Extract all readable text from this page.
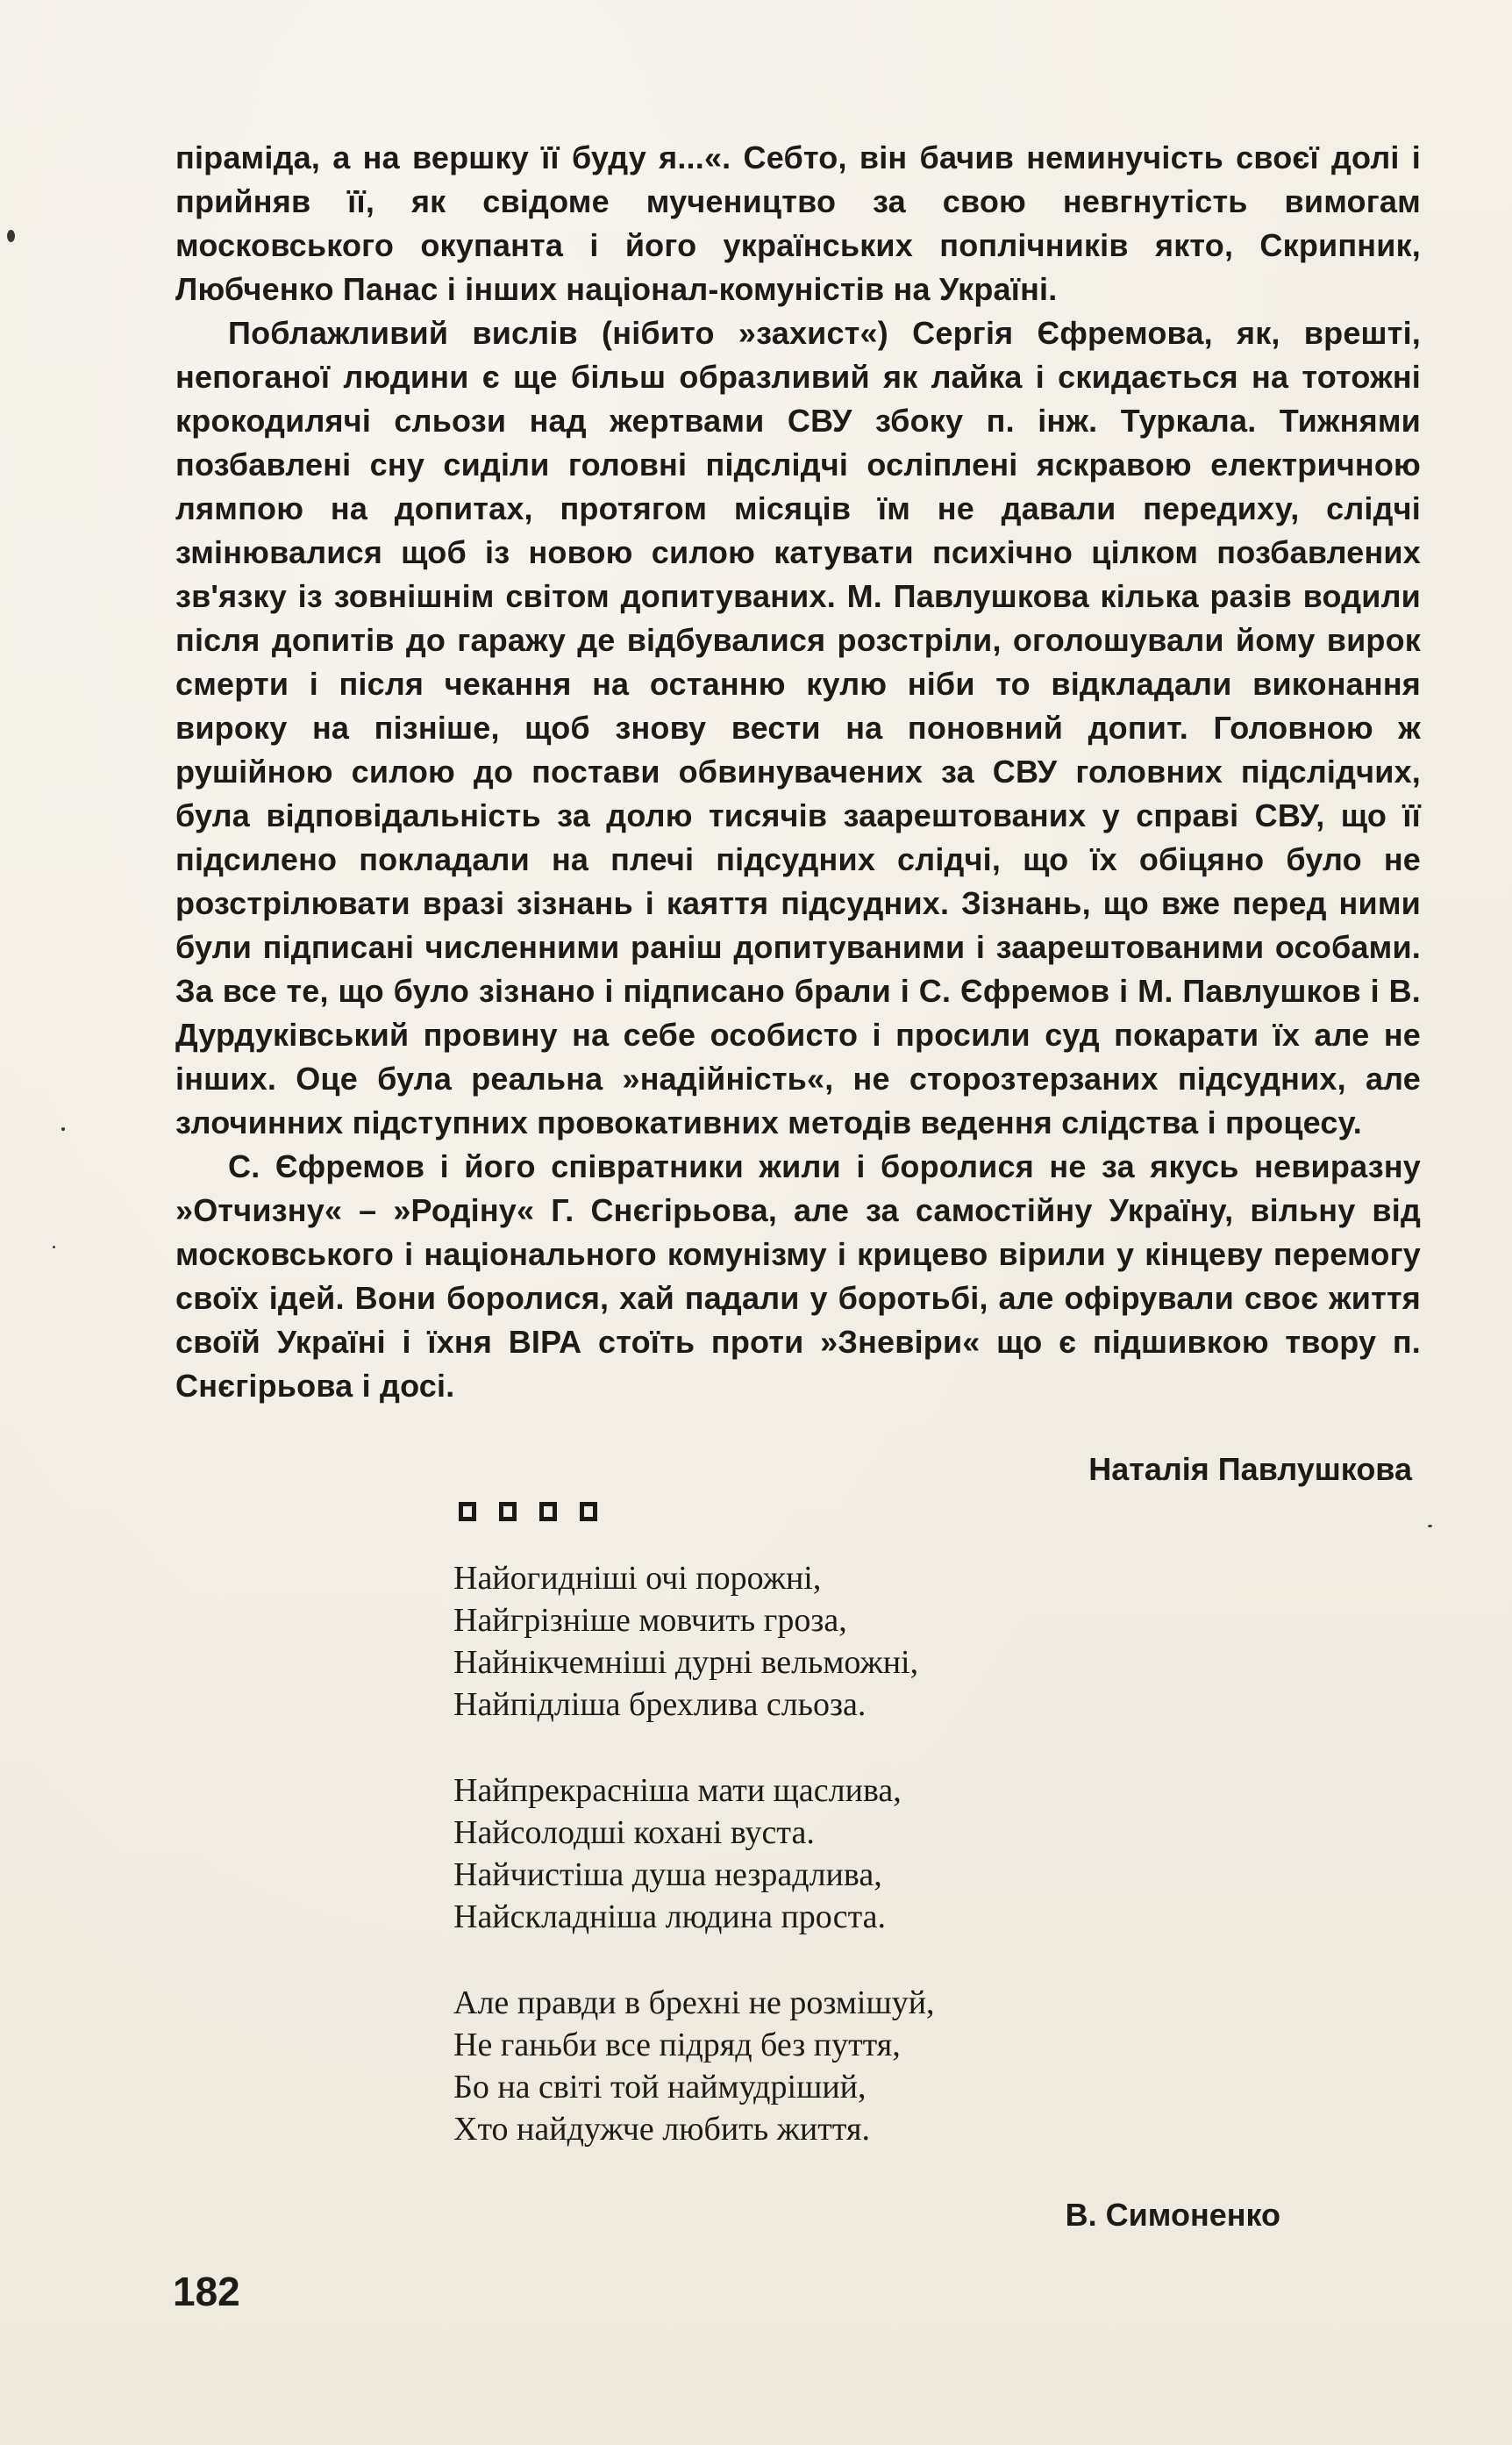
піраміда, а на вершку її буду я...«. Себто, він бачив неминучість своєї долі і прийняв її, як свідоме мучеництво за свою невгнутість вимогам московського окупанта і його українських поплічників якто, Скрипник, Любченко Панас і інших націонал-комуністів на Україні.

Поблажливий вислів (нібито »захист«) Сергія Єфремова, як, врешті, непоганої людини є ще більш образливий як лайка і скидається на тотожні крокодилячі сльози над жертвами СВУ збоку п. інж. Туркала. Тижнями позбавлені сну сиділи головні підслідчі осліплені яскравою електричною лямпою на допитах, протягом місяців їм не давали передиху, слідчі змінювалися щоб із новою силою катувати психічно цілком позбавлених зв'язку із зовнішнім світом допитуваних. М. Павлушкова кілька разів водили після допитів до гаражу де відбувалися розстріли, оголошували йому вирок смерти і після чекання на останню кулю ніби то відкладали виконання вироку на пізніше, щоб знову вести на поновний допит. Головною ж рушійною силою до постави обвинувачених за СВУ головних підслідчих, була відповідальність за долю тисячів заарештованих у справі СВУ, що її підсилено покладали на плечі підсудних слідчі, що їх обіцяно було не розстрілювати вразі зізнань і каяття підсудних. Зізнань, що вже перед ними були підписані численними раніш допитуваними і заарештованими особами. За все те, що було зізнано і підписано брали і С. Єфремов і М. Павлушков і В. Дурдуківський провину на себе особисто і просили суд покарати їх але не інших. Оце була реальна »надійність«, не сторозтерзаних підсудних, але злочинних підступних провокативних методів ведення слідства і процесу.

С. Єфремов і його співратники жили і боролися не за якусь невиразну »Отчизну« – »Родіну« Г. Снєгірьова, але за самостійну Україну, вільну від московського і національного комунізму і крицево вірили у кінцеву перемогу своїх ідей. Вони боролися, хай падали у боротьбі, але офірували своє життя своїй Україні і їхня ВІРА стоїть проти »Зневіри« що є підшивкою твору п. Снєгірьова і досі.

Наталія Павлушкова
Найогидніші очі порожні,
Найгрізніше мовчить гроза,
Найнікчемніші дурні вельможні,
Найпідліша брехлива сльоза.
Найпрекрасніша мати щаслива,
Найсолодші кохані вуста.
Найчистіша душа незрадлива,
Найскладніша людина проста.
Але правди в брехні не розмішуй,
Не ганьби все підряд без пуття,
Бо на світі той наймудріший,
Хто найдужче любить життя.
В. Симоненко
182
